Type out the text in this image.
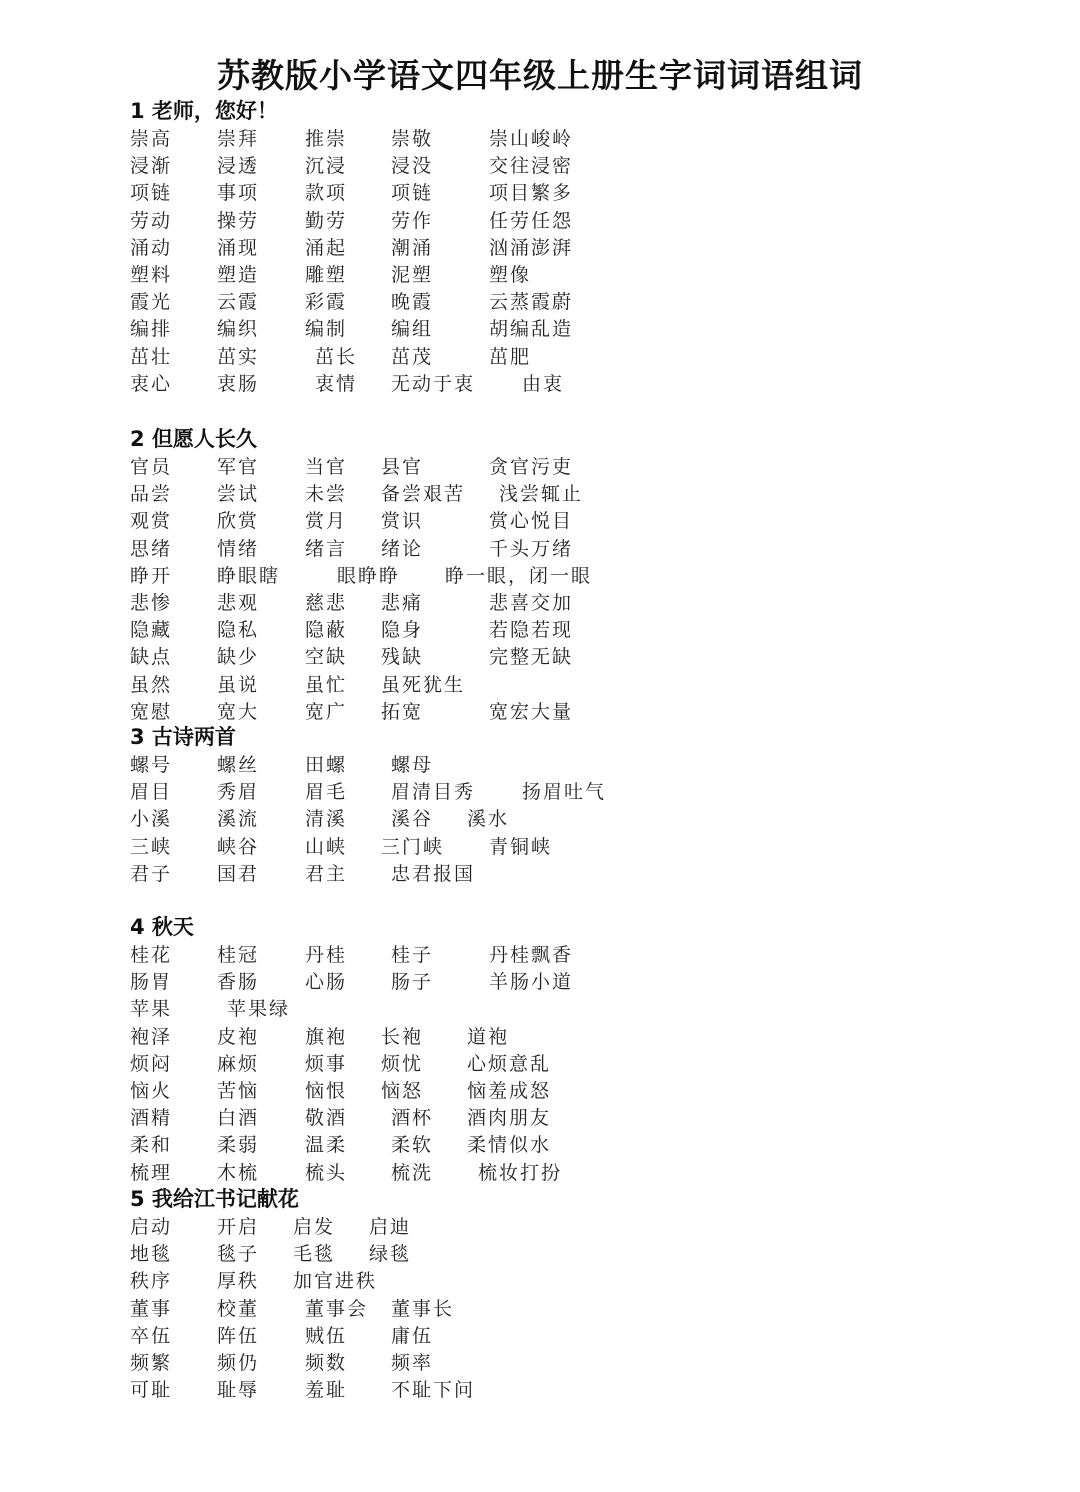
苏教版小学语文四年级上册生字词词语组词
1 老师，您好！
崇高 崇拜 推崇 崇敬	崇山峻岭
浸渐 浸透 沉浸 浸没	交往浸密
项链 事项 款项 项链	项目繁多
劳动 操劳 勤劳 劳作	任劳任怨
涌动 涌现 涌起 潮涌	汹涌澎湃
塑料 塑造 雕塑 泥塑	塑像
霞光 云霞 彩霞 晚霞	云蒸霞蔚
编排 编织 编制 编组	胡编乱造
茁壮 茁实	茁长 茁茂	茁肥
衷心 衷肠	衷情 无动于衷 由衷
2 但愿人长久
官员 军官 当官 县官	贪官污吏
品尝 尝试 未尝 备尝艰苦 浅尝辄止
观赏 欣赏 赏月 赏识	赏心悦目
思绪 情绪 绪言 绪论	千头万绪
睁开 睁眼瞎	眼睁睁 睁一眼，闭一眼
悲惨 悲观 慈悲 悲痛	悲喜交加
隐藏 隐私 隐蔽 隐身	若隐若现
缺点 缺少 空缺 残缺	完整无缺
虽然 虽说 虽忙 虽死犹生
宽慰 宽大 宽广 拓宽	宽宏大量
3 古诗两首
螺号 螺丝 田螺 螺母
眉目 秀眉 眉毛 眉清目秀 扬眉吐气
小溪 溪流 清溪 溪谷 溪水
三峡 峡谷 山峡 三门峡 青铜峡
君子 国君 君主 忠君报国
4 秋天
桂花 桂冠 丹桂 桂子	丹桂飘香
肠胃 香肠 心肠 肠子	羊肠小道
苹果	苹果绿
袍泽 皮袍 旗袍 长袍 道袍
烦闷 麻烦 烦事 烦忧 心烦意乱
恼火 苦恼 恼恨 恼怒 恼羞成怒
酒精 白酒 敬酒 酒杯 酒肉朋友
柔和 柔弱 温柔 柔软 柔情似水
梳理 木梳 梳头 梳洗 梳妆打扮
5 我给江书记献花
启动 开启 启发 启迪
地毯 毯子 毛毯 绿毯
秩序 厚秩 加官进秩
董事 校董 董事会 董事长
卒伍 阵伍 贼伍 庸伍
频繁 频仍 频数 频率
可耻 耻辱 羞耻 不耻下问
